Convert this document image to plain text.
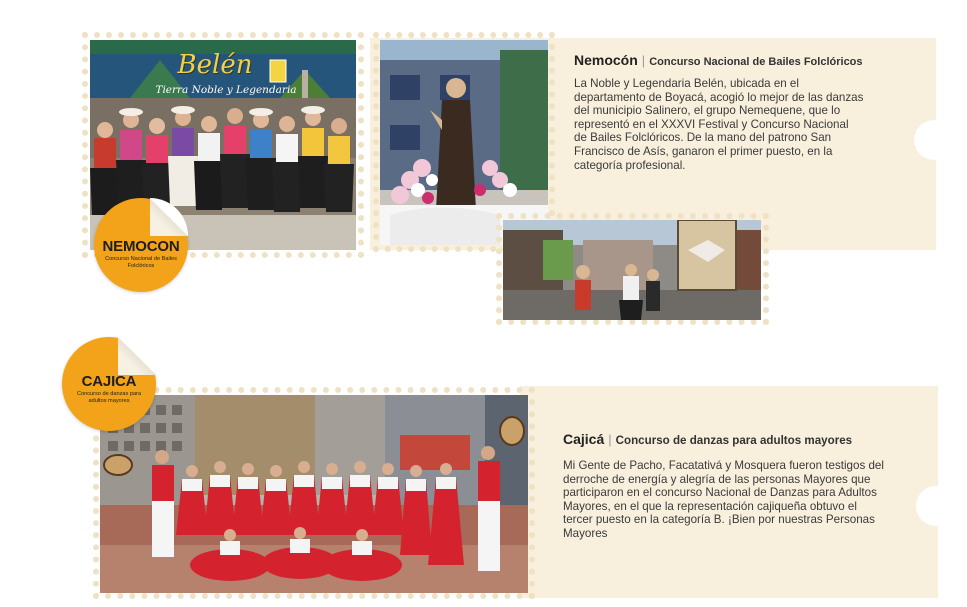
Belén
Tierra Noble y Legendaria
NEMOCON
Concurso Nacional de Bailes Folclóricos
Nemocón | Concurso Nacional de Bailes Folclóricos
La Noble y Legendaria Belén, ubicada en el departamento de Boyacá, acogió lo mejor de las danzas del municipio Salinero, el grupo Nemequene, que lo representó en el XXXVI Festival y Concurso Nacional de Bailes Folclóricos. De la mano del patrono San Francisco de Asís, ganaron el primer puesto, en la categoría profesional.
CAJICA
Concurso de danzas para adultos mayores
Cajicá | Concurso de danzas para adultos mayores
Mi Gente de Pacho, Facatativá y Mosquera fueron testigos del derroche de energía y alegría de las personas Mayores que participaron en el concurso Nacional de Danzas para Adultos Mayores, en el que la representación cajiqueña obtuvo el tercer puesto en la categoría B. ¡Bien por nuestras Personas Mayores
